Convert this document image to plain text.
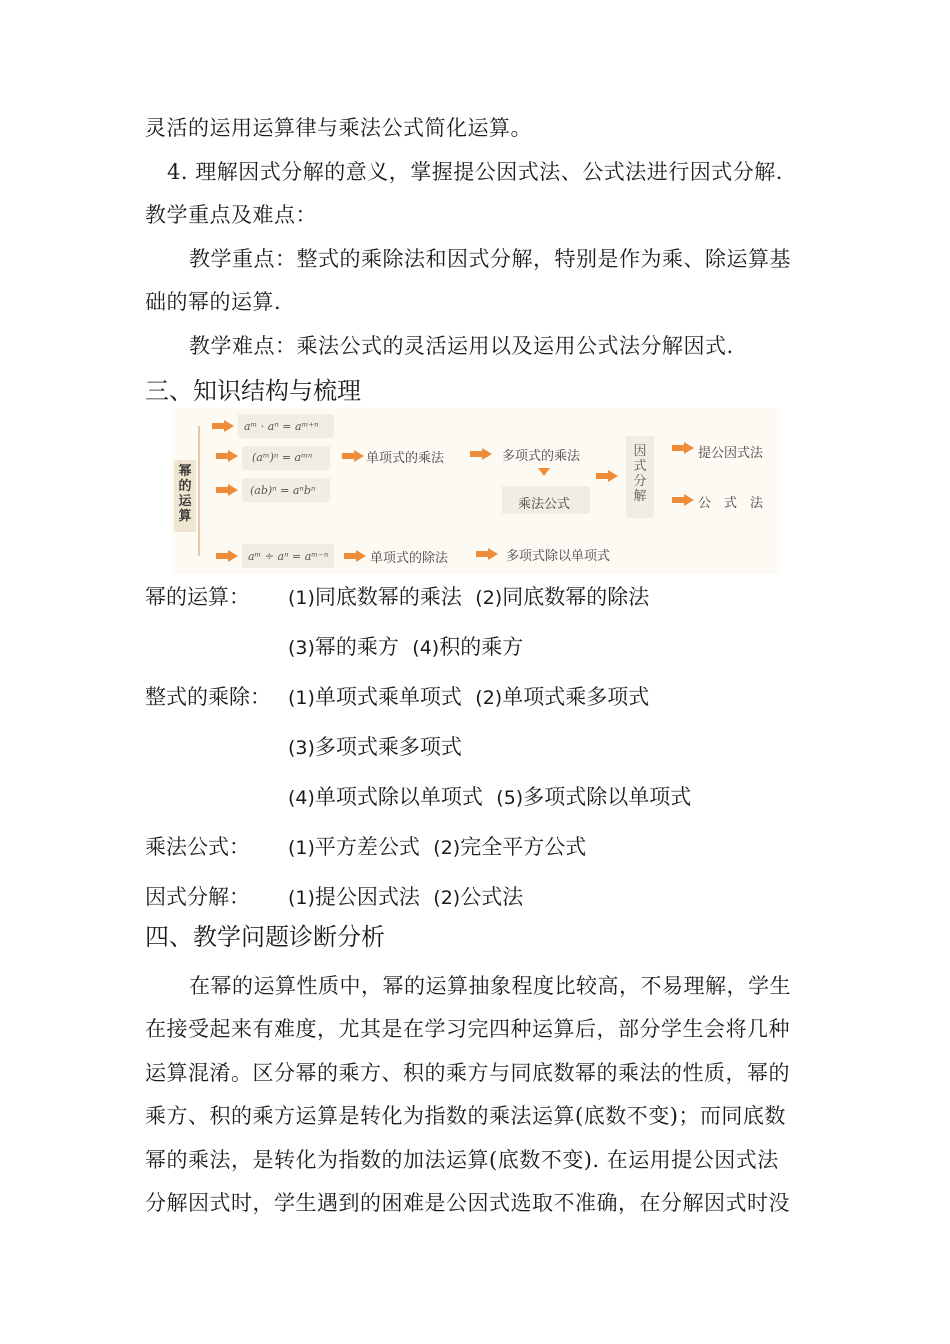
灵活的运用运算律与乘法公式简化运算。
4. 理解因式分解的意义，掌握提公因式法、公式法进行因式分解.
教学重点及难点：
教学重点：整式的乘除法和因式分解，特别是作为乘、除运算基
础的幂的运算.
教学难点：乘法公式的灵活运用以及运用公式法分解因式.
三、知识结构与梳理
幂的运算
aᵐ · aⁿ = aᵐ⁺ⁿ
(aᵐ)ⁿ = aᵐⁿ
(ab)ⁿ = aⁿbⁿ
aᵐ ÷ aⁿ = aᵐ⁻ⁿ
单项式的乘法	多项式的乘法
乘法公式
因式分解
提公因式法
公　式　法
单项式的除法	多项式除以单项式
幂的运算： (1)同底数幂的乘法 (2)同底数幂的除法
(3)幂的乘方 (4)积的乘方
整式的乘除： (1)单项式乘单项式 (2)单项式乘多项式
(3)多项式乘多项式
(4)单项式除以单项式 (5)多项式除以单项式
乘法公式： (1)平方差公式 (2)完全平方公式
因式分解： (1)提公因式法 (2)公式法
四、教学问题诊断分析
在幂的运算性质中，幂的运算抽象程度比较高，不易理解，学生
在接受起来有难度，尤其是在学习完四种运算后，部分学生会将几种
运算混淆。区分幂的乘方、积的乘方与同底数幂的乘法的性质，幂的
乘方、积的乘方运算是转化为指数的乘法运算(底数不变)；而同底数
幂的乘法，是转化为指数的加法运算(底数不变). 在运用提公因式法
分解因式时，学生遇到的困难是公因式选取不准确，在分解因式时没
